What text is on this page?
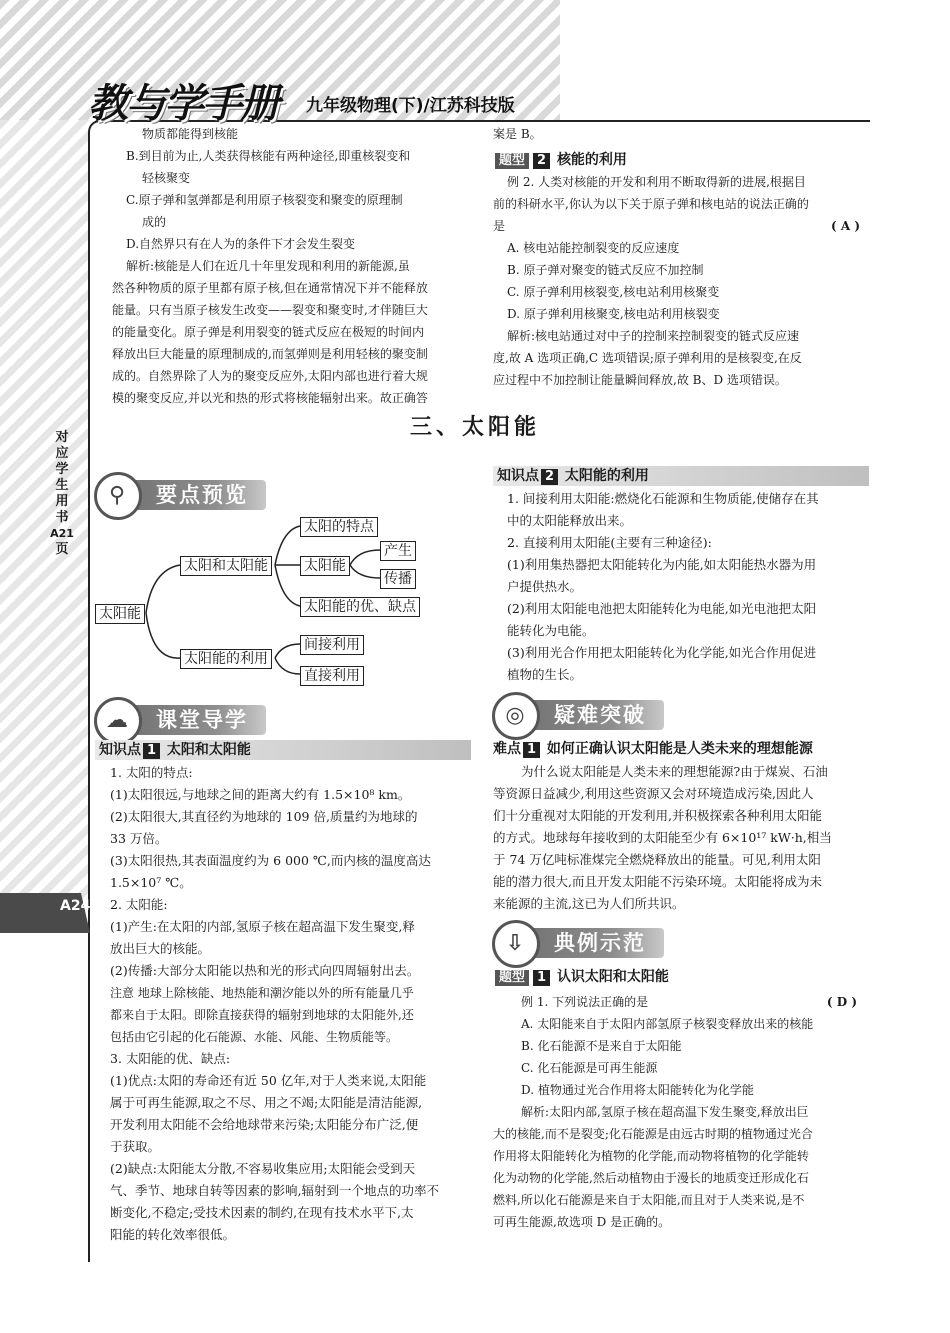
教与学手册 九年级物理(下)/江苏科技版
对
应
学
生
用
书
A21
页
A24
物质都能得到核能
B.到目前为止,人类获得核能有两种途径,即重核裂变和
轻核聚变
C.原子弹和氢弹都是利用原子核裂变和聚变的原理制
成的
D.自然界只有在人为的条件下才会发生裂变
解析:核能是人们在近几十年里发现和利用的新能源,虽
然各种物质的原子里都有原子核,但在通常情况下并不能释放
能量。只有当原子核发生改变——裂变和聚变时,才伴随巨大
的能量变化。原子弹是利用裂变的链式反应在极短的时间内
释放出巨大能量的原理制成的,而氢弹则是利用轻核的聚变制
成的。自然界除了人为的聚变反应外,太阳内部也进行着大规
模的聚变反应,并以光和热的形式将核能辐射出来。故正确答
案是 B。
题型 2 核能的利用
例 2. 人类对核能的开发和利用不断取得新的进展,根据目
前的科研水平,你认为以下关于原子弹和核电站的说法正确的
是	( A )
A. 核电站能控制裂变的反应速度
B. 原子弹对聚变的链式反应不加控制
C. 原子弹利用核裂变,核电站利用核聚变
D. 原子弹利用核聚变,核电站利用核裂变
解析:核电站通过对中子的控制来控制裂变的链式反应速
度,故 A 选项正确,C 选项错误;原子弹利用的是核裂变,在反
应过程中不加控制让能量瞬间释放,故 B、D 选项错误。
三、太阳能
⚲	要点预览
太阳能
太阳和太阳能
太阳能的利用
太阳的特点
太阳能
太阳能的优、缺点
产生
传播
间接利用
直接利用
☁	课堂导学
知识点 1 太阳和太阳能
1. 太阳的特点:
(1)太阳很远,与地球之间的距离大约有 1.5×10⁸ km。
(2)太阳很大,其直径约为地球的 109 倍,质量约为地球的
33 万倍。
(3)太阳很热,其表面温度约为 6 000 ℃,而内核的温度高达
1.5×10⁷ ℃。
2. 太阳能:
(1)产生:在太阳的内部,氢原子核在超高温下发生聚变,释
放出巨大的核能。
(2)传播:大部分太阳能以热和光的形式向四周辐射出去。
注意 地球上除核能、地热能和潮汐能以外的所有能量几乎
都来自于太阳。即除直接获得的辐射到地球的太阳能外,还
包括由它引起的化石能源、水能、风能、生物质能等。
3. 太阳能的优、缺点:
(1)优点:太阳的寿命还有近 50 亿年,对于人类来说,太阳能
属于可再生能源,取之不尽、用之不竭;太阳能是清洁能源,
开发利用太阳能不会给地球带来污染;太阳能分布广泛,便
于获取。
(2)缺点:太阳能太分散,不容易收集应用;太阳能会受到天
气、季节、地球自转等因素的影响,辐射到一个地点的功率不
断变化,不稳定;受技术因素的制约,在现有技术水平下,太
阳能的转化效率很低。
知识点 2 太阳能的利用
1. 间接利用太阳能:燃烧化石能源和生物质能,使储存在其
中的太阳能释放出来。
2. 直接利用太阳能(主要有三种途径):
(1)利用集热器把太阳能转化为内能,如太阳能热水器为用
户提供热水。
(2)利用太阳能电池把太阳能转化为电能,如光电池把太阳
能转化为电能。
(3)利用光合作用把太阳能转化为化学能,如光合作用促进
植物的生长。
◎	疑难突破
难点 1 如何正确认识太阳能是人类未来的理想能源
为什么说太阳能是人类未来的理想能源?由于煤炭、石油
等资源日益减少,利用这些资源又会对环境造成污染,因此人
们十分重视对太阳能的开发利用,并积极探索各种利用太阳能
的方式。地球每年接收到的太阳能至少有 6×10¹⁷ kW·h,相当
于 74 万亿吨标准煤完全燃烧释放出的能量。可见,利用太阳
能的潜力很大,而且开发太阳能不污染环境。太阳能将成为未
来能源的主流,这已为人们所共识。
⇩	典例示范
题型 1 认识太阳和太阳能
例 1. 下列说法正确的是	( D )
A. 太阳能来自于太阳内部氢原子核裂变释放出来的核能
B. 化石能源不是来自于太阳能
C. 化石能源是可再生能源
D. 植物通过光合作用将太阳能转化为化学能
解析:太阳内部,氢原子核在超高温下发生聚变,释放出巨
大的核能,而不是裂变;化石能源是由远古时期的植物通过光合
作用将太阳能转化为植物的化学能,而动物将植物的化学能转
化为动物的化学能,然后动植物由于漫长的地质变迁形成化石
燃料,所以化石能源是来自于太阳能,而且对于人类来说,是不
可再生能源,故选项 D 是正确的。
